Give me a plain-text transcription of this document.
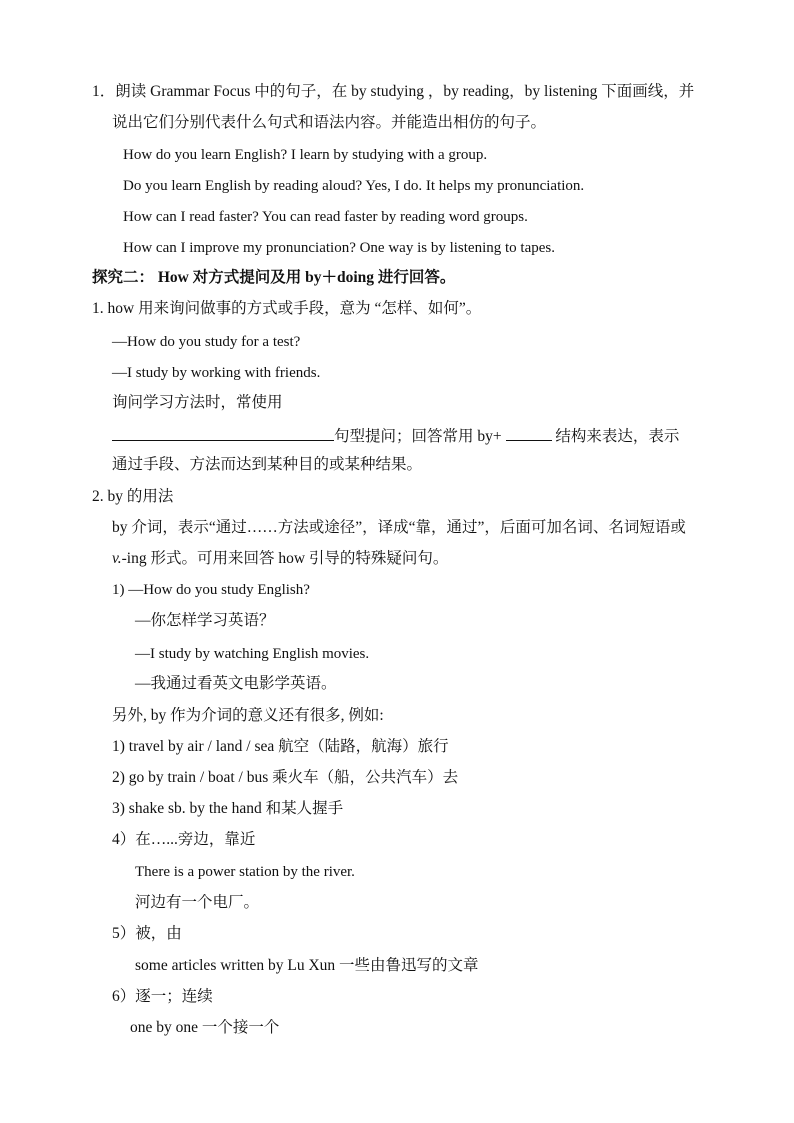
1．朗读 Grammar Focus 中的句子，在 by studying ，by reading，by listening 下面画线，并
说出它们分别代表什么句式和语法内容。并能造出相仿的句子。
How do you learn English? I learn by studying with a group.
Do you learn English by reading aloud? Yes, I do. It helps my pronunciation.
How can I read faster? You can read faster by reading word groups.
How can I improve my pronunciation? One way is by listening to tapes.
探究二： How 对方式提问及用 by＋doing 进行回答。
1. how 用来询问做事的方式或手段，意为 “怎样、如何”。
—How do you study for a test?
—I study by working with friends.
询问学习方法时，常使用
句型提问；回答常用 by+	结构来表达，表示
通过手段、方法而达到某种目的或某种结果。
2. by 的用法
by 介词，表示“通过……方法或途径”，译成“靠，通过”，后面可加名词、名词短语或
v.-ing 形式。可用来回答 how 引导的特殊疑问句。
1) —How do you study English?
—你怎样学习英语？
—I study by watching English movies.
—我通过看英文电影学英语。
另外, by 作为介词的意义还有很多, 例如:
1) travel by air / land / sea 航空（陆路，航海）旅行
2) go by train / boat / bus 乘火车（船，公共汽车）去
3) shake sb. by the hand 和某人握手
4）在…...旁边，靠近
There is a power station by the river.
河边有一个电厂。
5）被，由
some articles written by Lu Xun 一些由鲁迅写的文章
6）逐一；连续
one by one 一个接一个
